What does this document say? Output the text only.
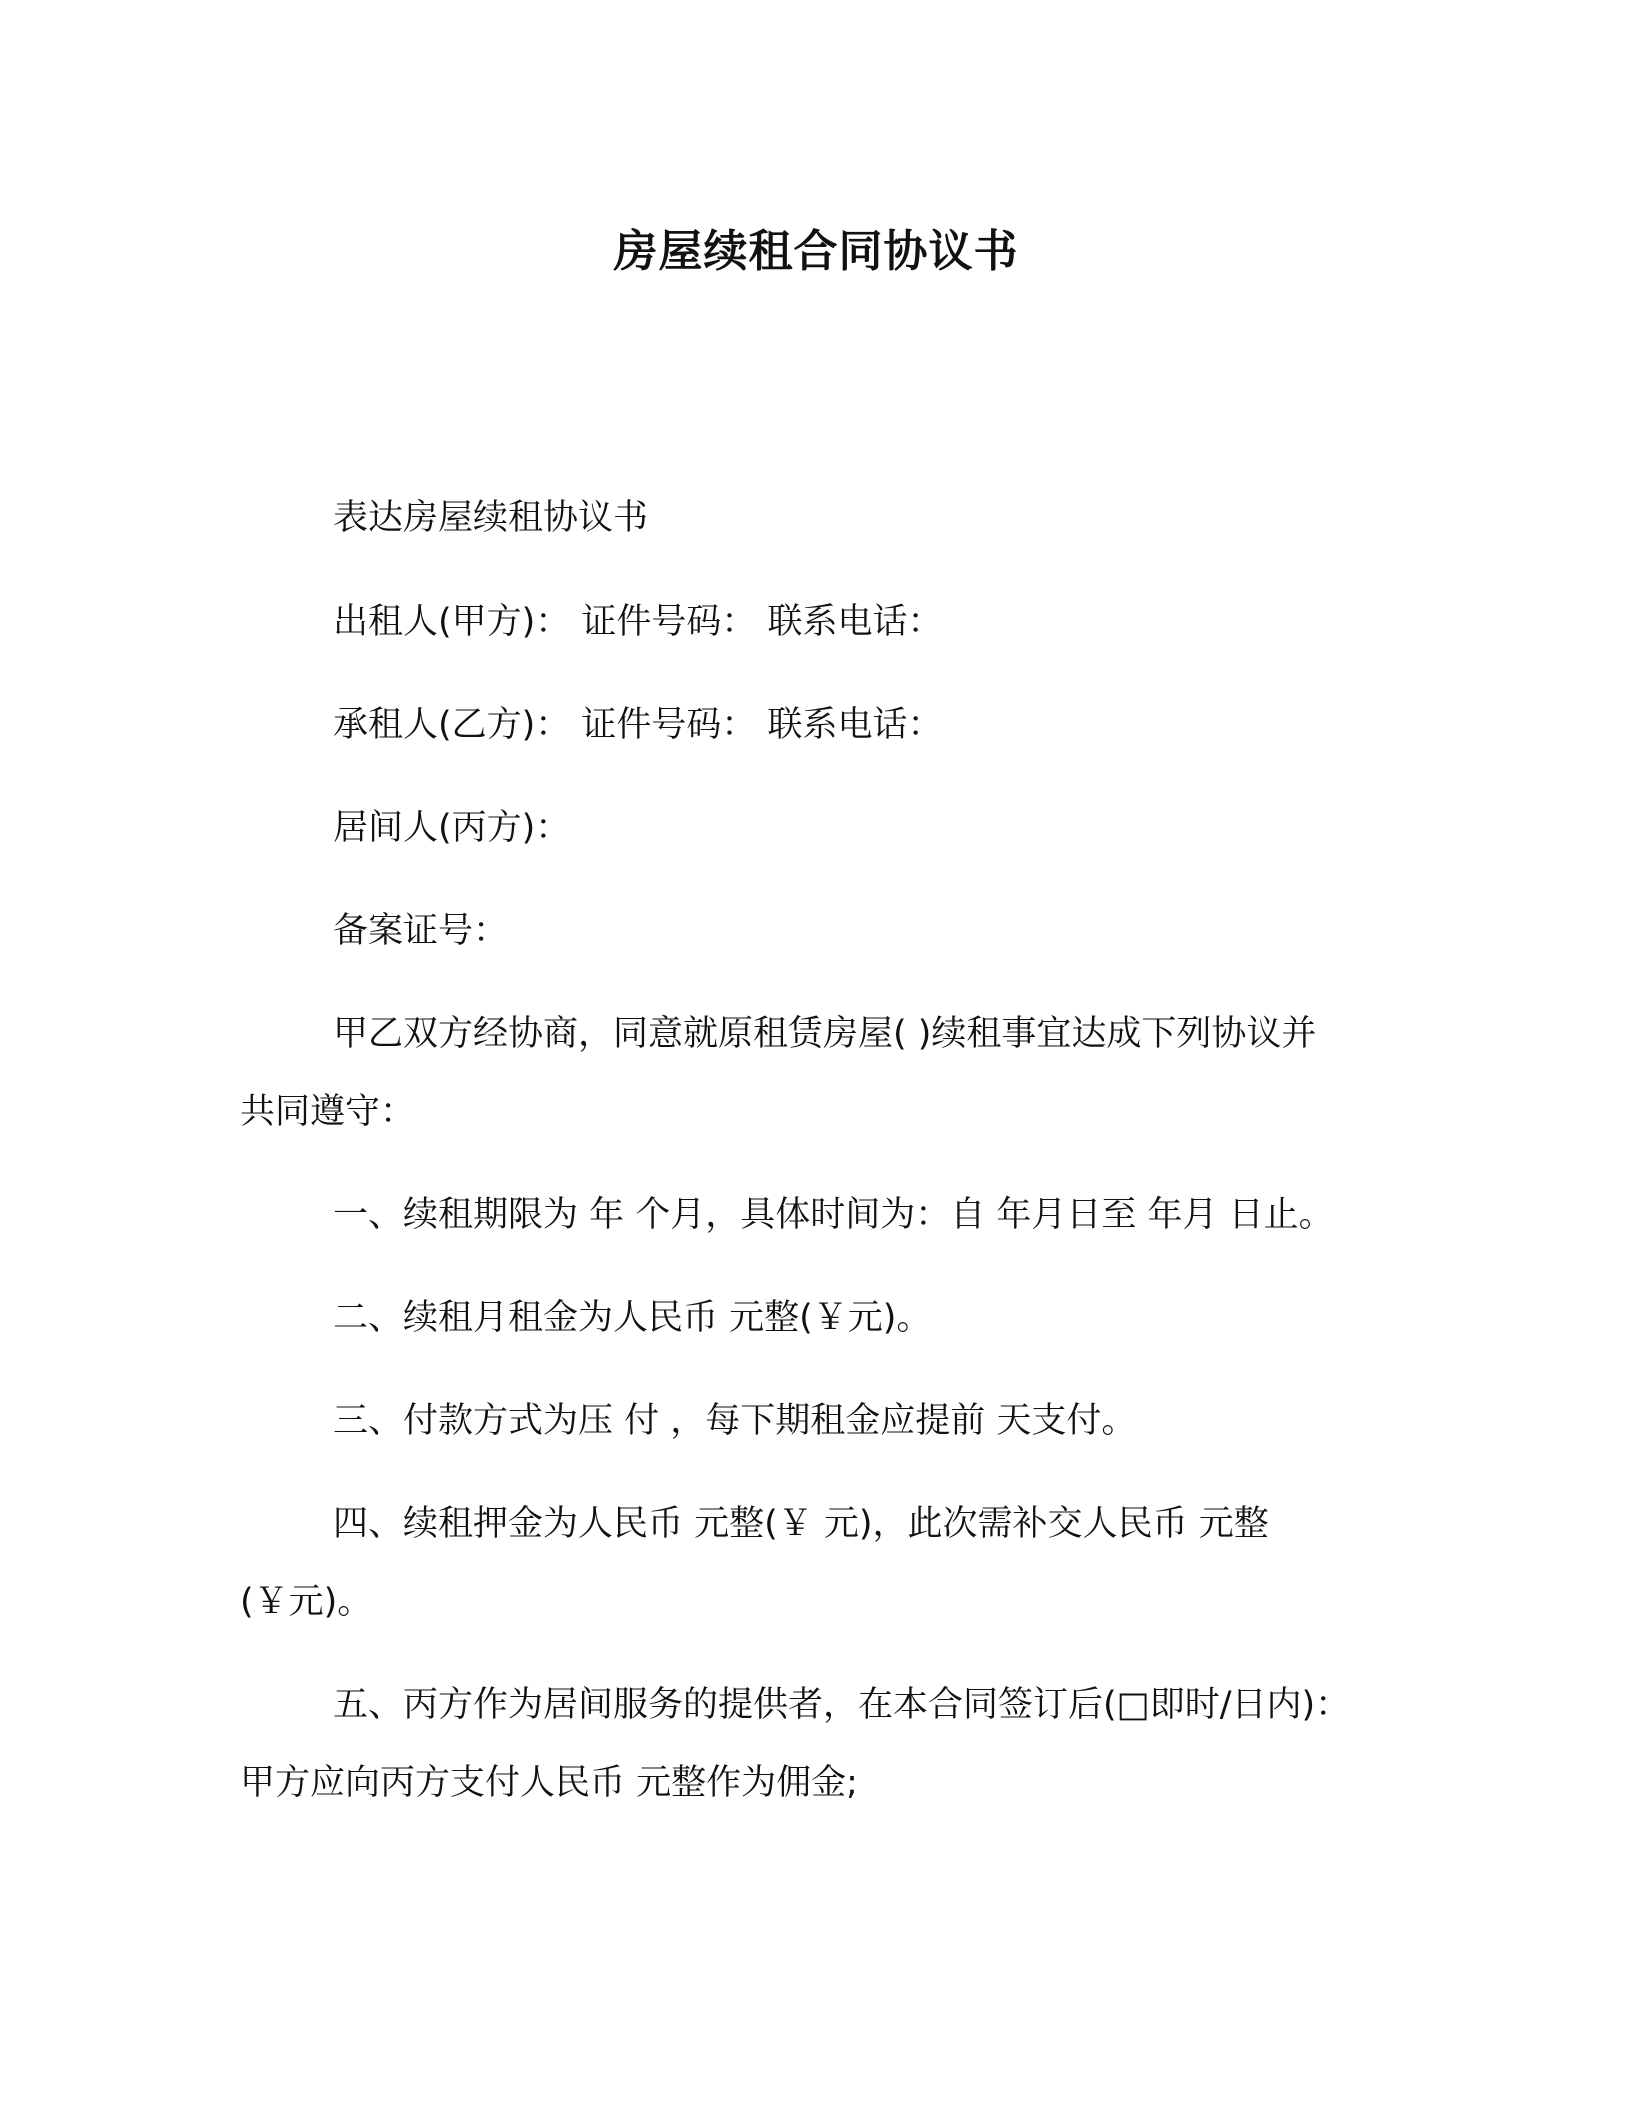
房屋续租合同协议书
表达房屋续租协议书
出租人(甲方)： 证件号码： 联系电话：
承租人(乙方)： 证件号码： 联系电话：
居间人(丙方)：
备案证号：
甲乙双方经协商，同意就原租赁房屋( )续租事宜达成下列协议并
共同遵守：
一、续租期限为 年 个月，具体时间为：自 年月日至 年月 日止。
二、续租月租金为人民币 元整(￥元)。
三、付款方式为压 付 ，每下期租金应提前 天支付。
四、续租押金为人民币 元整(￥ 元)，此次需补交人民币 元整
(￥元)。
五、丙方作为居间服务的提供者，在本合同签订后(□即时/日内)：
甲方应向丙方支付人民币 元整作为佣金;
